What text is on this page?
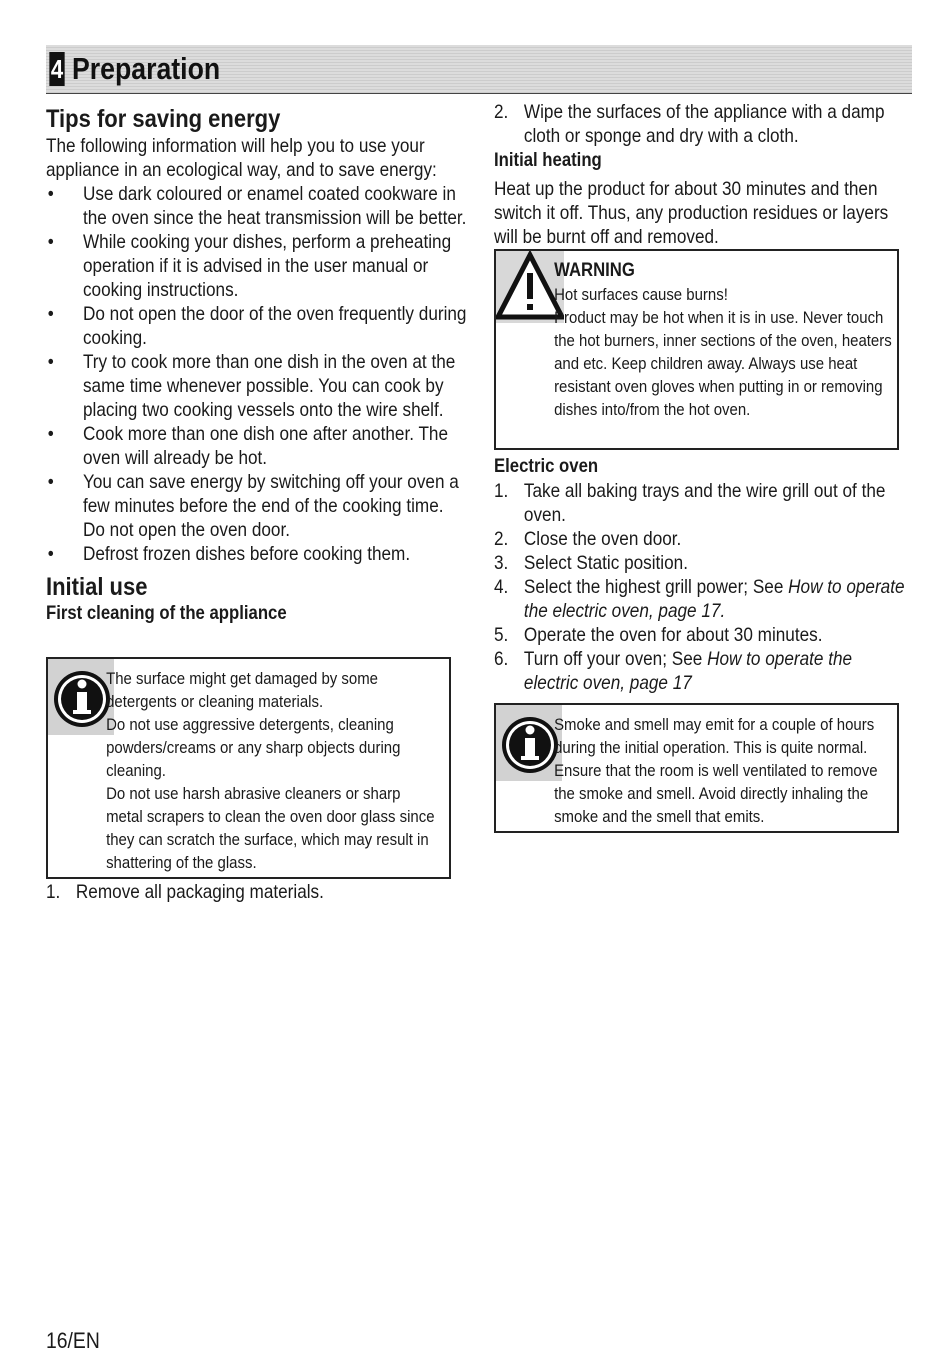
4 Preparation
Tips for saving energy

The following information will help you to use your appliance in an ecological way, and to save energy:

• Use dark coloured or enamel coated cookware in the oven since the heat transmission will be better.
• While cooking your dishes, perform a preheating operation if it is advised in the user manual or cooking instructions.
• Do not open the door of the oven frequently during cooking.
• Try to cook more than one dish in the oven at the same time whenever possible. You can cook by placing two cooking vessels onto the wire shelf.
• Cook more than one dish one after another. The oven will already be hot.
• You can save energy by switching off your oven a few minutes before the end of the cooking time. Do not open the oven door.
• Defrost frozen dishes before cooking them.
Initial use
First cleaning of the appliance

The surface might get damaged by some detergents or cleaning materials.

Do not use aggressive detergents, cleaning powders/creams or any sharp objects during cleaning.

Do not use harsh abrasive cleaners or sharp metal scrapers to clean the oven door glass since they can scratch the surface, which may result in shattering of the glass.

1. Remove all packaging materials.
2. Wipe the surfaces of the appliance with a damp cloth or sponge and dry with a cloth.
Initial heating

Heat up the product for about 30 minutes and then switch it off. Thus, any production residues or layers will be burnt off and removed.

WARNING

Hot surfaces cause burns!

Product may be hot when it is in use. Never touch the hot burners, inner sections of the oven, heaters and etc. Keep children away. Always use heat resistant oven gloves when putting in or removing dishes into/from the hot oven.

Electric oven
1. Take all baking trays and the wire grill out of the oven.
2. Close the oven door.
3. Select Static position.
4. Select the highest grill power; See How to operate the electric oven, page 17.
5. Operate the oven for about 30 minutes.
6. Turn off your oven; See How to operate the electric oven, page 17

Smoke and smell may emit for a couple of hours during the initial operation. This is quite normal. Ensure that the room is well ventilated to remove the smoke and smell. Avoid directly inhaling the smoke and the smell that emits.

16/EN
